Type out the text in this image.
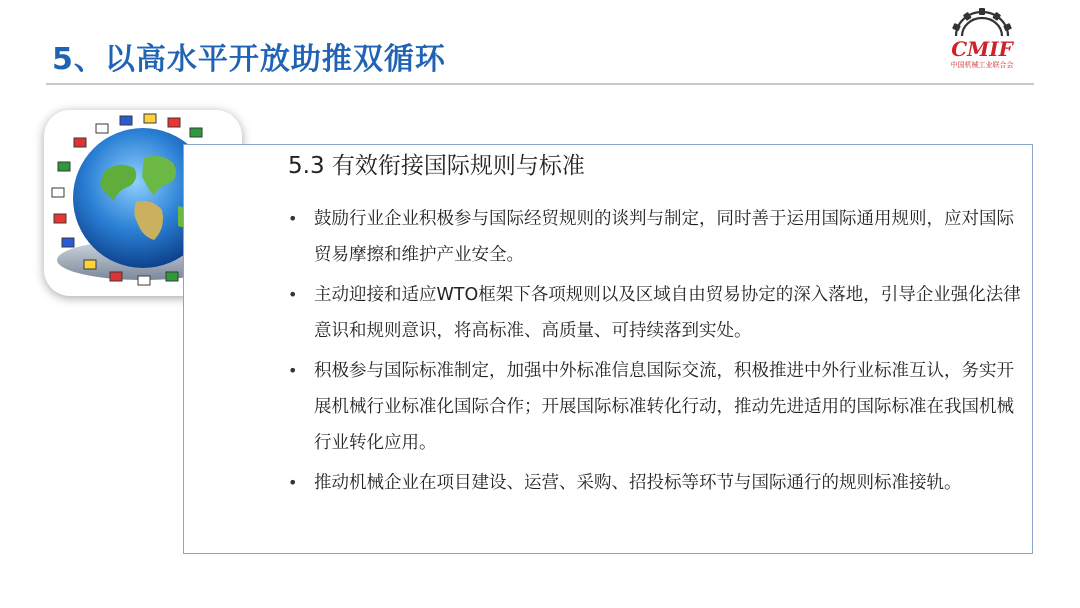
5、以高水平开放助推双循环	CMIF
中国机械工业联合会
5.3 有效衔接国际规则与标准
• 鼓励行业企业积极参与国际经贸规则的谈判与制定，同时善于运用国际通用规则，应对国际贸易摩擦和维护产业安全。
• 主动迎接和适应WTO框架下各项规则以及区域自由贸易协定的深入落地，引导企业强化法律意识和规则意识，将高标准、高质量、可持续落到实处。
• 积极参与国际标准制定，加强中外标准信息国际交流，积极推进中外行业标准互认，务实开展机械行业标准化国际合作；开展国际标准转化行动，推动先进适用的国际标准在我国机械行业转化应用。
• 推动机械企业在项目建设、运营、采购、招投标等环节与国际通行的规则标准接轨。
